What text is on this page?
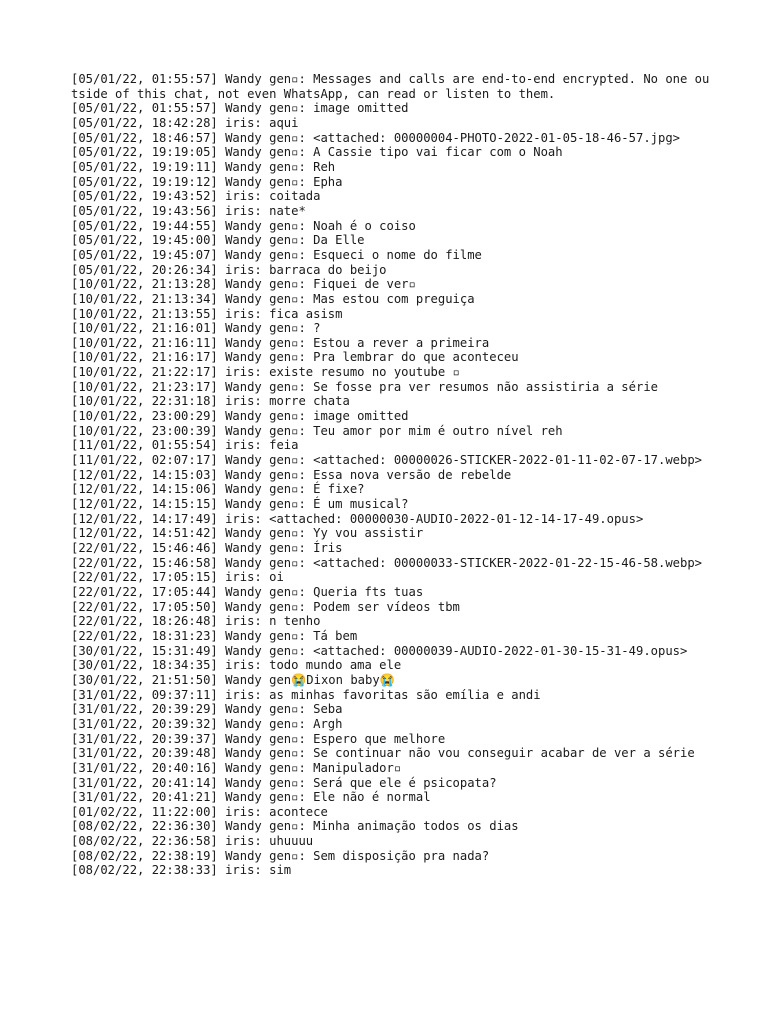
[05/01/22, 01:55:57] Wandy gen▫: Messages and calls are end-to-end encrypted. No one outside of this chat, not even WhatsApp, can read or listen to them.
[05/01/22, 01:55:57] Wandy gen▫: image omitted
[05/01/22, 18:42:28] iris: aqui
[05/01/22, 18:46:57] Wandy gen▫: <attached: 00000004-PHOTO-2022-01-05-18-46-57.jpg>
[05/01/22, 19:19:05] Wandy gen▫: A Cassie tipo vai ficar com o Noah
[05/01/22, 19:19:11] Wandy gen▫: Reh
[05/01/22, 19:19:12] Wandy gen▫: Epha
[05/01/22, 19:43:52] iris: coitada
[05/01/22, 19:43:56] iris: nate*
[05/01/22, 19:44:55] Wandy gen▫: Noah é o coiso
[05/01/22, 19:45:00] Wandy gen▫: Da Elle
[05/01/22, 19:45:07] Wandy gen▫: Esqueci o nome do filme
[05/01/22, 20:26:34] iris: barraca do beijo
[10/01/22, 21:13:28] Wandy gen▫: Fiquei de ver▫
[10/01/22, 21:13:34] Wandy gen▫: Mas estou com preguiça
[10/01/22, 21:13:55] iris: fica asism
[10/01/22, 21:16:01] Wandy gen▫: ?
[10/01/22, 21:16:11] Wandy gen▫: Estou a rever a primeira
[10/01/22, 21:16:17] Wandy gen▫: Pra lembrar do que aconteceu
[10/01/22, 21:22:17] iris: existe resumo no youtube ▫
[10/01/22, 21:23:17] Wandy gen▫: Se fosse pra ver resumos não assistiria a série
[10/01/22, 22:31:18] iris: morre chata
[10/01/22, 23:00:29] Wandy gen▫: image omitted
[10/01/22, 23:00:39] Wandy gen▫: Teu amor por mim é outro nível reh
[11/01/22, 01:55:54] iris: feia
[11/01/22, 02:07:17] Wandy gen▫: <attached: 00000026-STICKER-2022-01-11-02-07-17.webp>
[12/01/22, 14:15:03] Wandy gen▫: Essa nova versão de rebelde
[12/01/22, 14:15:06] Wandy gen▫: É fixe?
[12/01/22, 14:15:15] Wandy gen▫: É um musical?
[12/01/22, 14:17:49] iris: <attached: 00000030-AUDIO-2022-01-12-14-17-49.opus>
[12/01/22, 14:51:42] Wandy gen▫: Yy vou assistir
[22/01/22, 15:46:46] Wandy gen▫: Íris
[22/01/22, 15:46:58] Wandy gen▫: <attached: 00000033-STICKER-2022-01-22-15-46-58.webp>
[22/01/22, 17:05:15] iris: oi
[22/01/22, 17:05:44] Wandy gen▫: Queria fts tuas
[22/01/22, 17:05:50] Wandy gen▫: Podem ser vídeos tbm
[22/01/22, 18:26:48] iris: n tenho
[22/01/22, 18:31:23] Wandy gen▫: Tá bem
[30/01/22, 15:31:49] Wandy gen▫: <attached: 00000039-AUDIO-2022-01-30-15-31-49.opus>
[30/01/22, 18:34:35] iris: todo mundo ama ele
[30/01/22, 21:51:50] Wandy gen😭Dixon baby😭
[31/01/22, 09:37:11] iris: as minhas favoritas são emília e andi
[31/01/22, 20:39:29] Wandy gen▫: Seba
[31/01/22, 20:39:32] Wandy gen▫: Argh
[31/01/22, 20:39:37] Wandy gen▫: Espero que melhore
[31/01/22, 20:39:48] Wandy gen▫: Se continuar não vou conseguir acabar de ver a série
[31/01/22, 20:40:16] Wandy gen▫: Manipulador▫
[31/01/22, 20:41:14] Wandy gen▫: Será que ele é psicopata?
[31/01/22, 20:41:21] Wandy gen▫: Ele não é normal
[01/02/22, 11:22:00] iris: acontece
[08/02/22, 22:36:30] Wandy gen▫: Minha animação todos os dias
[08/02/22, 22:36:58] iris: uhuuuu
[08/02/22, 22:38:19] Wandy gen▫: Sem disposição pra nada?
[08/02/22, 22:38:33] iris: sim
